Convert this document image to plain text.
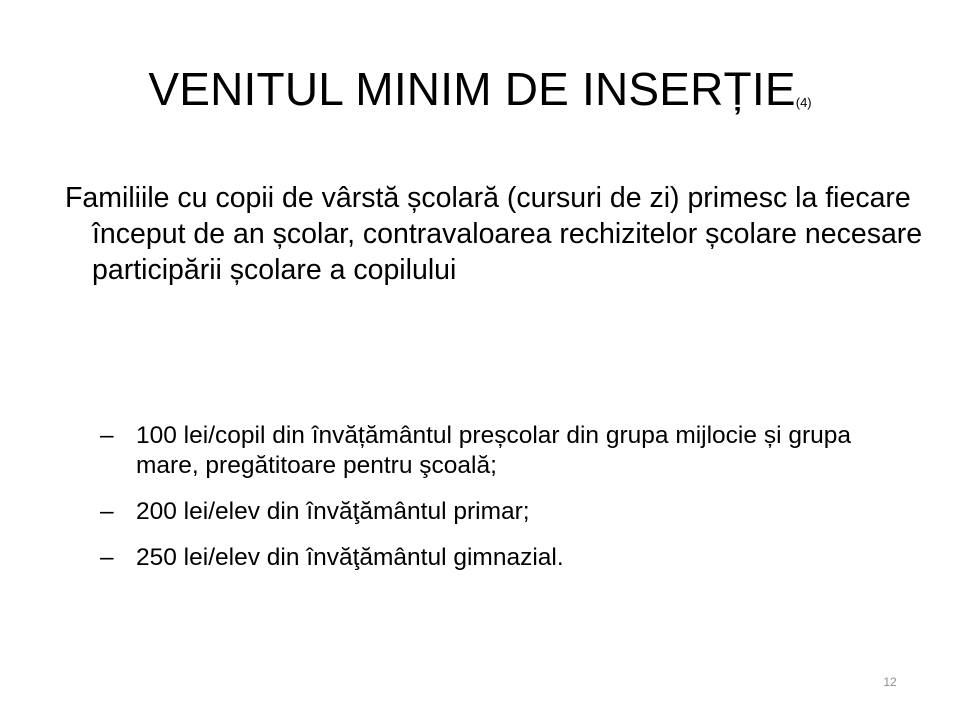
VENITUL MINIM DE INSERȚIE(4)

Familiile cu copii de vârstă școlară (cursuri de zi) primesc la fiecare început de an școlar, contravaloarea rechizitelor școlare necesare participării școlare a copilului

– 100 lei/copil din învățământul preșcolar din grupa mijlocie și grupa mare, pregătitoare pentru şcoală;
– 200 lei/elev din învăţământul primar;
– 250 lei/elev din învăţământul gimnazial.
12
